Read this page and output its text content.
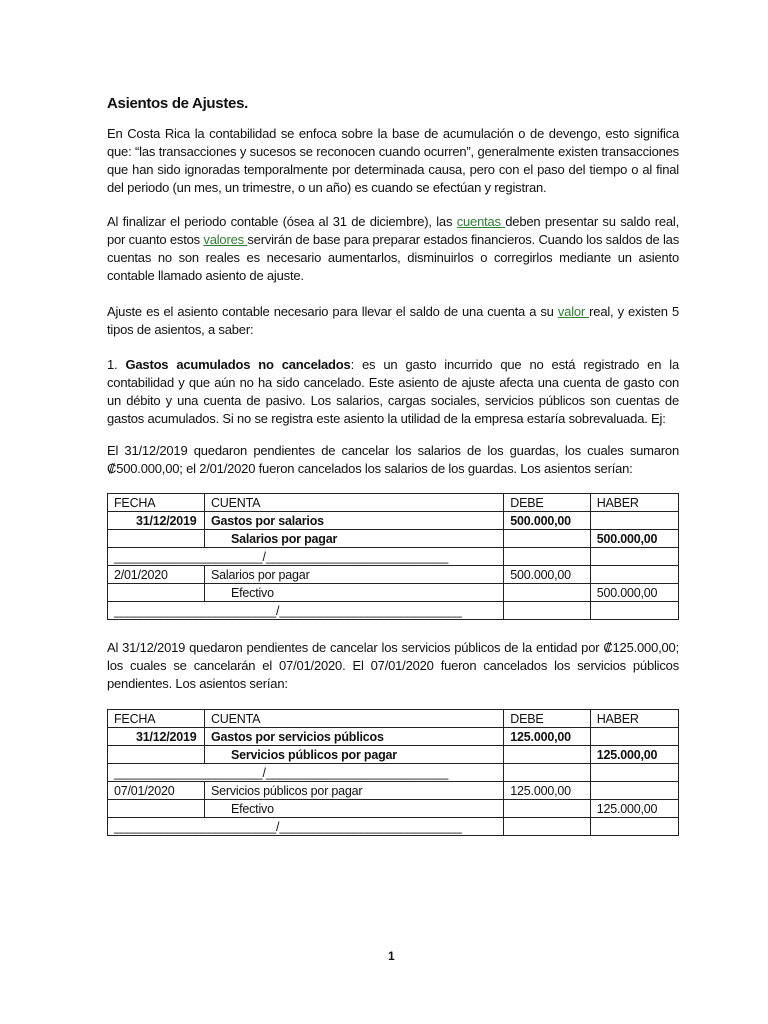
Asientos de Ajustes.
En Costa Rica la contabilidad se enfoca sobre la base de acumulación o de devengo, esto significa que: “las transacciones y sucesos se reconocen cuando ocurren”, generalmente existen transacciones que han sido ignoradas temporalmente por determinada causa, pero con el paso del tiempo o al final del periodo (un mes, un trimestre, o un año) es cuando se efectúan y registran.
Al finalizar el periodo contable (ósea al 31 de diciembre), las cuentas deben presentar su saldo real, por cuanto estos valores servirán de base para preparar estados financieros. Cuando los saldos de las cuentas no son reales es necesario aumentarlos, disminuirlos o corregirlos mediante un asiento contable llamado asiento de ajuste.
Ajuste es el asiento contable necesario para llevar el saldo de una cuenta a su valor real, y existen 5 tipos de asientos, a saber:
1. Gastos acumulados no cancelados: es un gasto incurrido que no está registrado en la contabilidad y que aún no ha sido cancelado. Este asiento de ajuste afecta una cuenta de gasto con un débito y una cuenta de pasivo. Los salarios, cargas sociales, servicios públicos son cuentas de gastos acumulados. Si no se registra este asiento la utilidad de la empresa estaría sobrevaluada. Ej:
El 31/12/2019 quedaron pendientes de cancelar los salarios de los guardas, los cuales sumaron ₡500.000,00; el 2/01/2020 fueron cancelados los salarios de los guardas. Los asientos serían:
FECHA	CUENTA	DEBE	HABER
31/12/2019	Gastos por salarios	500.000,00	
	Salarios por pagar		500.000,00
______________________/___________________________			
2/01/2020	Salarios por pagar	500.000,00	
	Efectivo		500.000,00
________________________/___________________________			
Al 31/12/2019 quedaron pendientes de cancelar los servicios públicos de la entidad por ₡125.000,00; los cuales se cancelarán el 07/01/2020. El 07/01/2020 fueron cancelados los servicios públicos pendientes. Los asientos serían:
FECHA	CUENTA	DEBE	HABER
31/12/2019	Gastos por servicios públicos	125.000,00	
	Servicios públicos por pagar		125.000,00
______________________/___________________________			
07/01/2020	Servicios públicos por pagar	125.000,00	
	Efectivo		125.000,00
________________________/___________________________			
1
